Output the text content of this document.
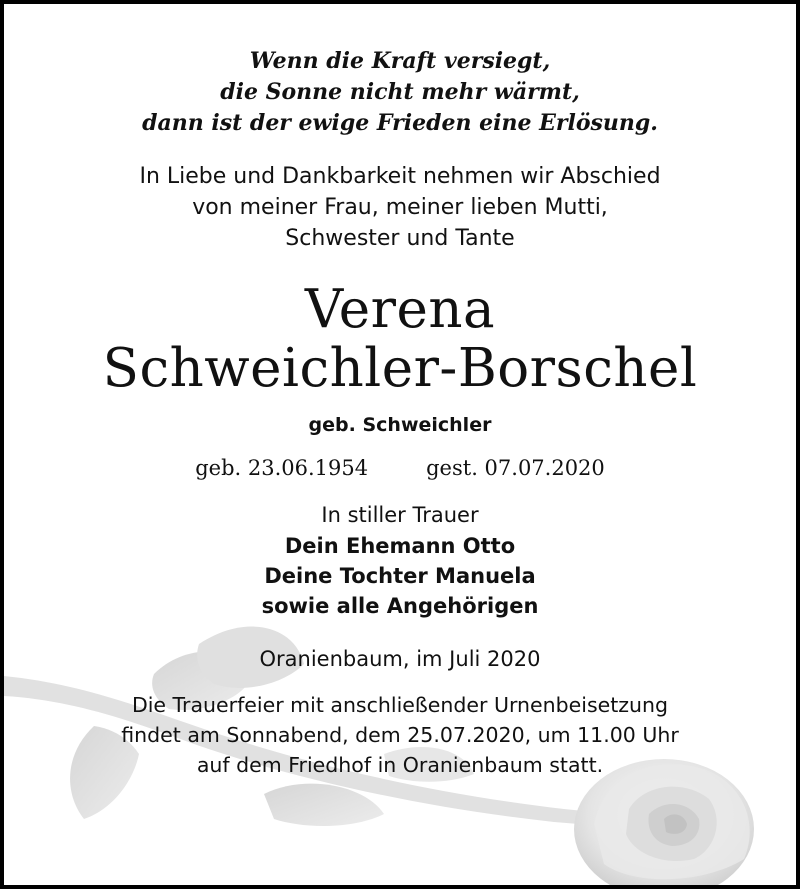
Wenn die Kraft versiegt,
die Sonne nicht mehr wärmt,
dann ist der ewige Frieden eine Erlösung.
In Liebe und Dankbarkeit nehmen wir Abschied
von meiner Frau, meiner lieben Mutti,
Schwester und Tante
Verena
Schweichler-Borschel
geb. Schweichler
geb. 23.06.1954	gest. 07.07.2020
In stiller Trauer
Dein Ehemann Otto
Deine Tochter Manuela
sowie alle Angehörigen
Oranienbaum, im Juli 2020
Die Trauerfeier mit anschließender Urnenbeisetzung
findet am Sonnabend, dem 25.07.2020, um 11.00 Uhr
auf dem Friedhof in Oranienbaum statt.
